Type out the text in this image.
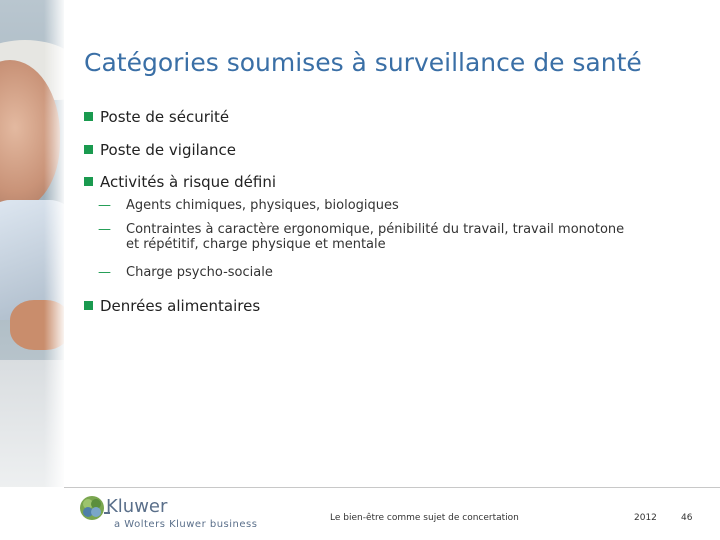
Catégories soumises à surveillance de santé
Poste de sécurité
Poste de vigilance
Activités à risque défini
— Agents chimiques, physiques, biologiques
— Contraintes à caractère ergonomique, pénibilité du travail, travail monotone
et répétitif, charge physique et mentale
— Charge psycho-sociale
Denrées alimentaires
Kluwer
a Wolters Kluwer business
Le bien-être comme sujet de concertation	2012	46
